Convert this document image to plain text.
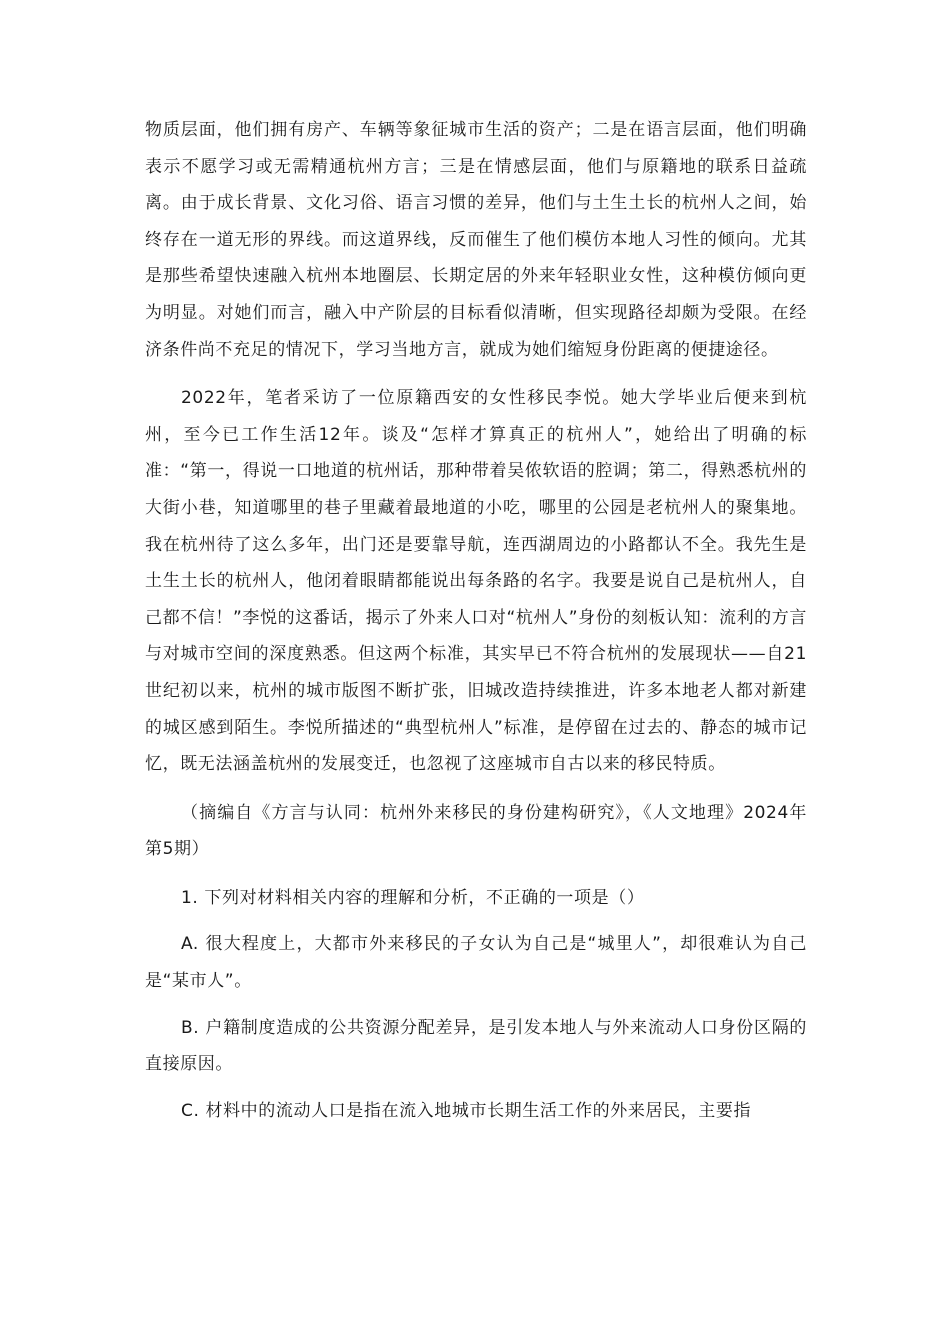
物质层面，他们拥有房产、车辆等象征城市生活的资产；二是在语言层面，他们明确表示不愿学习或无需精通杭州方言；三是在情感层面，他们与原籍地的联系日益疏离。由于成长背景、文化习俗、语言习惯的差异，他们与土生土长的杭州人之间，始终存在一道无形的界线。而这道界线，反而催生了他们模仿本地人习性的倾向。尤其是那些希望快速融入杭州本地圈层、长期定居的外来年轻职业女性，这种模仿倾向更为明显。对她们而言，融入中产阶层的目标看似清晰，但实现路径却颇为受限。在经济条件尚不充足的情况下，学习当地方言，就成为她们缩短身份距离的便捷途径。

2022年，笔者采访了一位原籍西安的女性移民李悦。她大学毕业后便来到杭州，至今已工作生活12年。谈及“怎样才算真正的杭州人”，她给出了明确的标准：“第一，得说一口地道的杭州话，那种带着吴侬软语的腔调；第二，得熟悉杭州的大街小巷，知道哪里的巷子里藏着最地道的小吃，哪里的公园是老杭州人的聚集地。我在杭州待了这么多年，出门还是要靠导航，连西湖周边的小路都认不全。我先生是土生土长的杭州人，他闭着眼睛都能说出每条路的名字。我要是说自己是杭州人，自己都不信！”李悦的这番话，揭示了外来人口对“杭州人”身份的刻板认知：流利的方言与对城市空间的深度熟悉。但这两个标准，其实早已不符合杭州的发展现状——自21世纪初以来，杭州的城市版图不断扩张，旧城改造持续推进，许多本地老人都对新建的城区感到陌生。李悦所描述的“典型杭州人”标准，是停留在过去的、静态的城市记忆，既无法涵盖杭州的发展变迁，也忽视了这座城市自古以来的移民特质。

（摘编自《方言与认同：杭州外来移民的身份建构研究》，《人文地理》2024年第5期）

1. 下列对材料相关内容的理解和分析，不正确的一项是（）

A. 很大程度上，大都市外来移民的子女认为自己是“城里人”，却很难认为自己是“某市人”。

B. 户籍制度造成的公共资源分配差异，是引发本地人与外来流动人口身份区隔的直接原因。

C. 材料中的流动人口是指在流入地城市长期生活工作的外来居民，主要指
